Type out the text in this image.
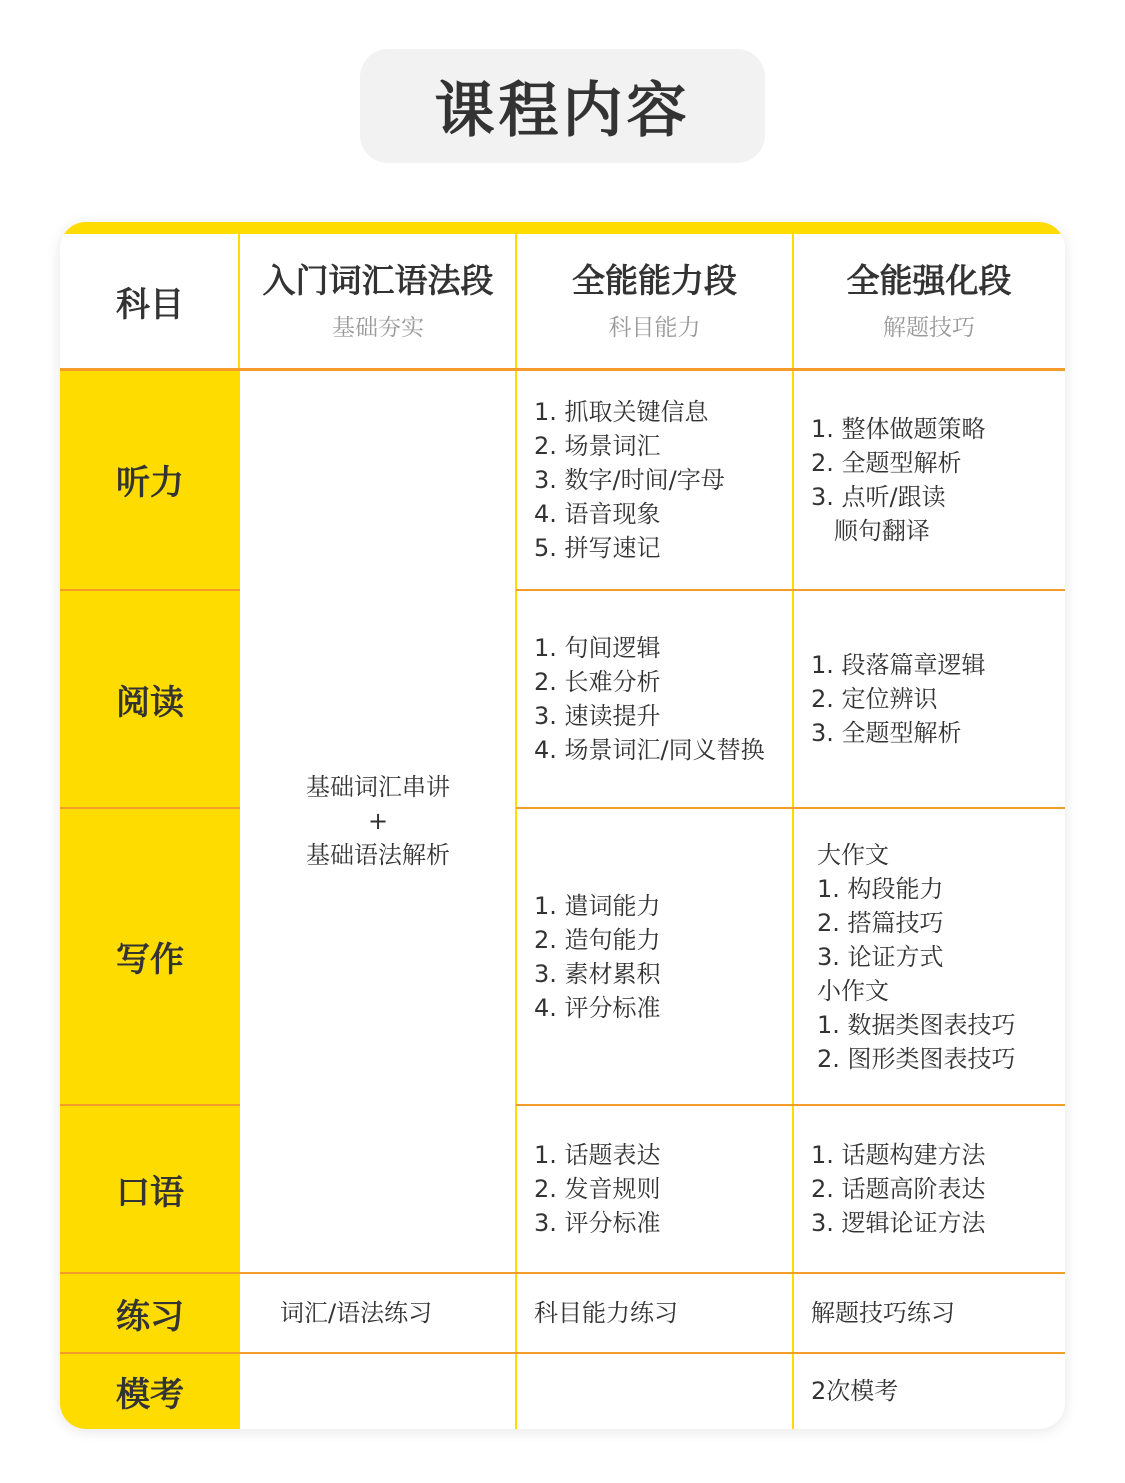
课程内容
科目
入门词汇语法段
基础夯实
全能能力段
科目能力
全能强化段
解题技巧
听力
阅读
写作
口语
练习
模考
基础词汇串讲
+
基础语法解析
1. 抓取关键信息
2. 场景词汇
3. 数字/时间/字母
4. 语音现象
5. 拼写速记
1. 整体做题策略
2. 全题型解析
3. 点听/跟读
顺句翻译
1. 句间逻辑
2. 长难分析
3. 速读提升
4. 场景词汇/同义替换
1. 段落篇章逻辑
2. 定位辨识
3. 全题型解析
1. 遣词能力
2. 造句能力
3. 素材累积
4. 评分标准
大作文
1. 构段能力
2. 搭篇技巧
3. 论证方式
小作文
1. 数据类图表技巧
2. 图形类图表技巧
1. 话题表达
2. 发音规则
3. 评分标准
1. 话题构建方法
2. 话题高阶表达
3. 逻辑论证方法
词汇/语法练习	科目能力练习	解题技巧练习
2次模考
